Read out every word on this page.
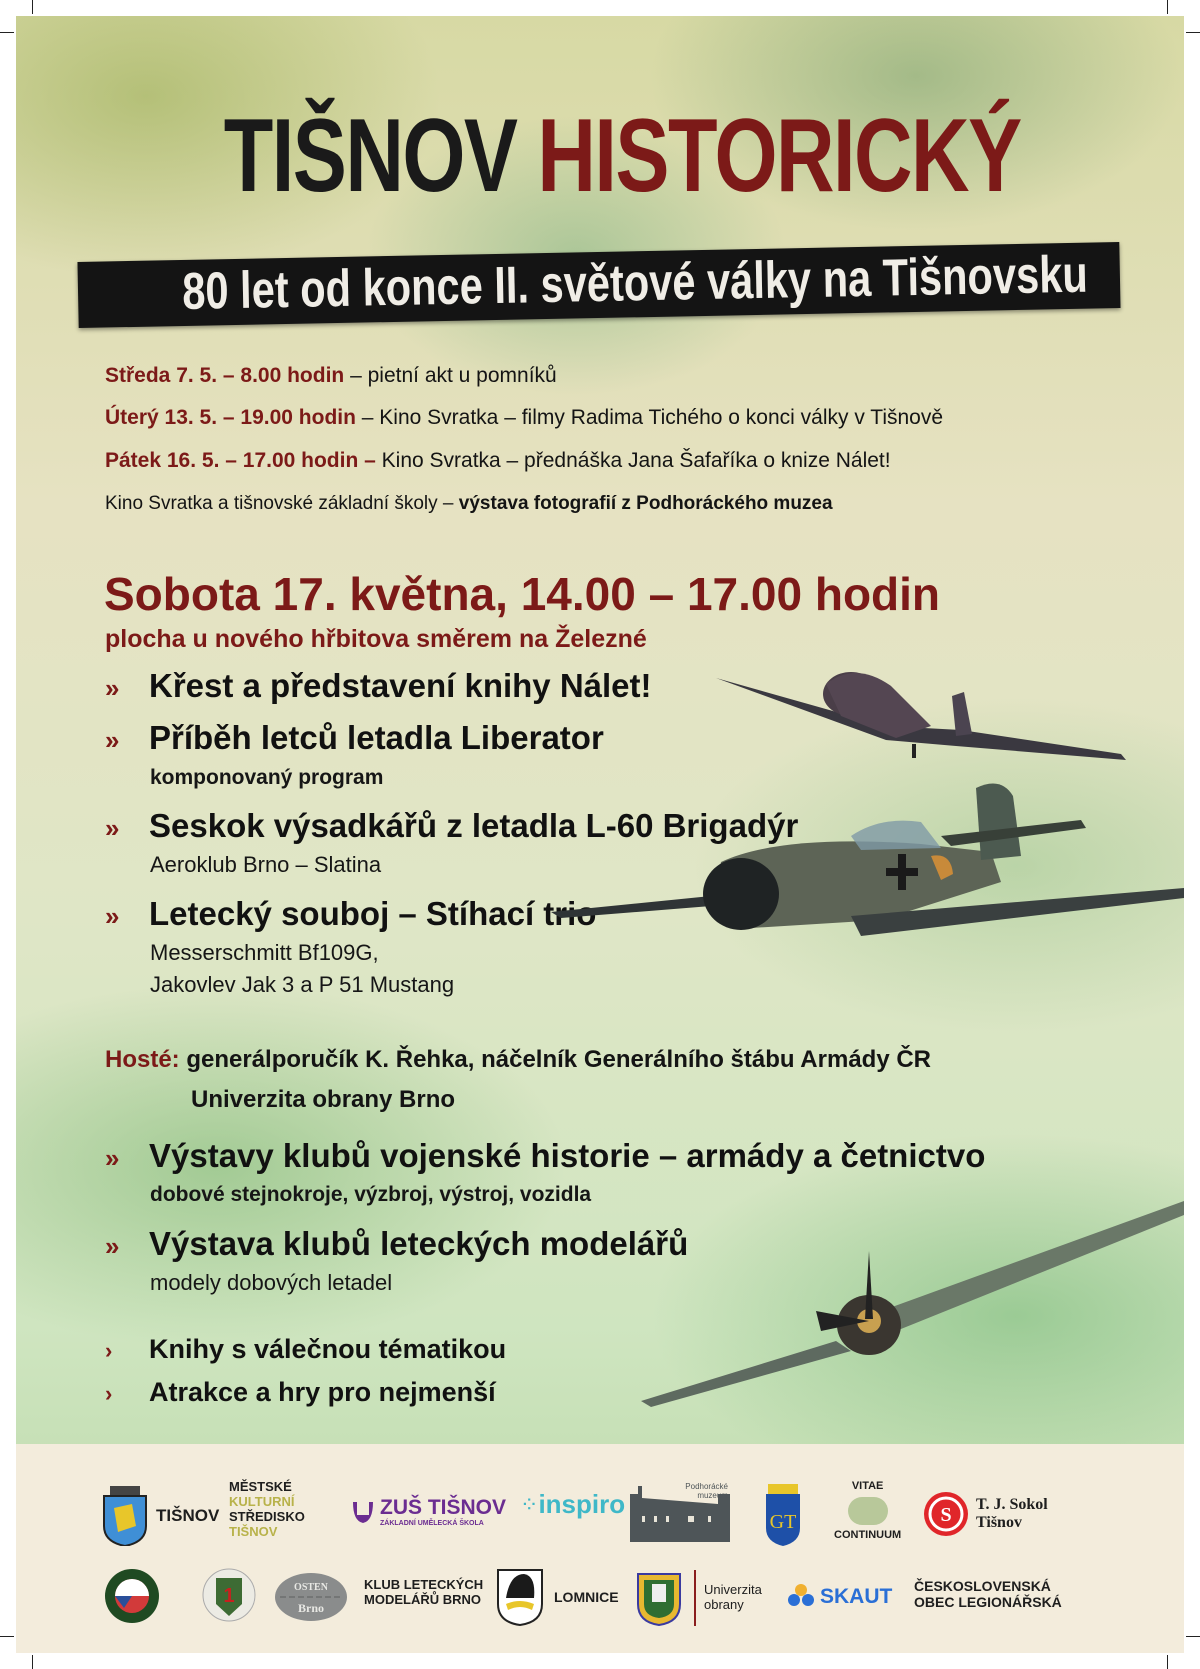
TIŠNOV HISTORICKÝ
80 let od konce II. světové války na Tišnovsku
Středa 7. 5. – 8.00 hodin – pietní akt u pomníků
Úterý 13. 5. – 19.00 hodin – Kino Svratka – filmy Radima Tichého o konci války v Tišnově
Pátek 16. 5. – 17.00 hodin – Kino Svratka – přednáška Jana Šafaříka o knize Nálet!
Kino Svratka a tišnovské základní školy – výstava fotografií z Podhoráckého muzea
Sobota 17. května, 14.00 – 17.00 hodin
plocha u nového hřbitova směrem na Železné
» Křest a představení knihy Nálet!
» Příběh letců letadla Liberator
komponovaný program
» Seskok výsadkářů z letadla L-60 Brigadýr
Aeroklub Brno – Slatina
» Letecký souboj – Stíhací trio
Messerschmitt Bf109G,
Jakovlev Jak 3 a P 51 Mustang
Hosté: generálporučík K. Řehka, náčelník Generálního štábu Armády ČR
Univerzita obrany Brno
» Výstavy klubů vojenské historie – armády a četnictvo
dobové stejnokroje, výzbroj, výstroj, vozidla
» Výstava klubů leteckých modelářů
modely dobových letadel
› Knihy s válečnou tématikou
› Atrakce a hry pro nejmenší
TIŠNOV
MĚSTSKÉ
KULTURNÍ
STŘEDISKO
TIŠNOV
ZUŠ TIŠNOV
ZÁKLADNÍ UMĚLECKÁ ŠKOLA
⁘ inspiro
Podhorácké muzeum
GT
VITAE
CONTINUUM
S T. J. Sokol
Tišnov
1	OSTEN
Brno
KLUB LETECKÝCH
MODELÁŘŮ BRNO	LOMNICE	Univerzita
obrany	SKAUT ČESKOSLOVENSKÁ
OBEC LEGIONÁŘSKÁ
